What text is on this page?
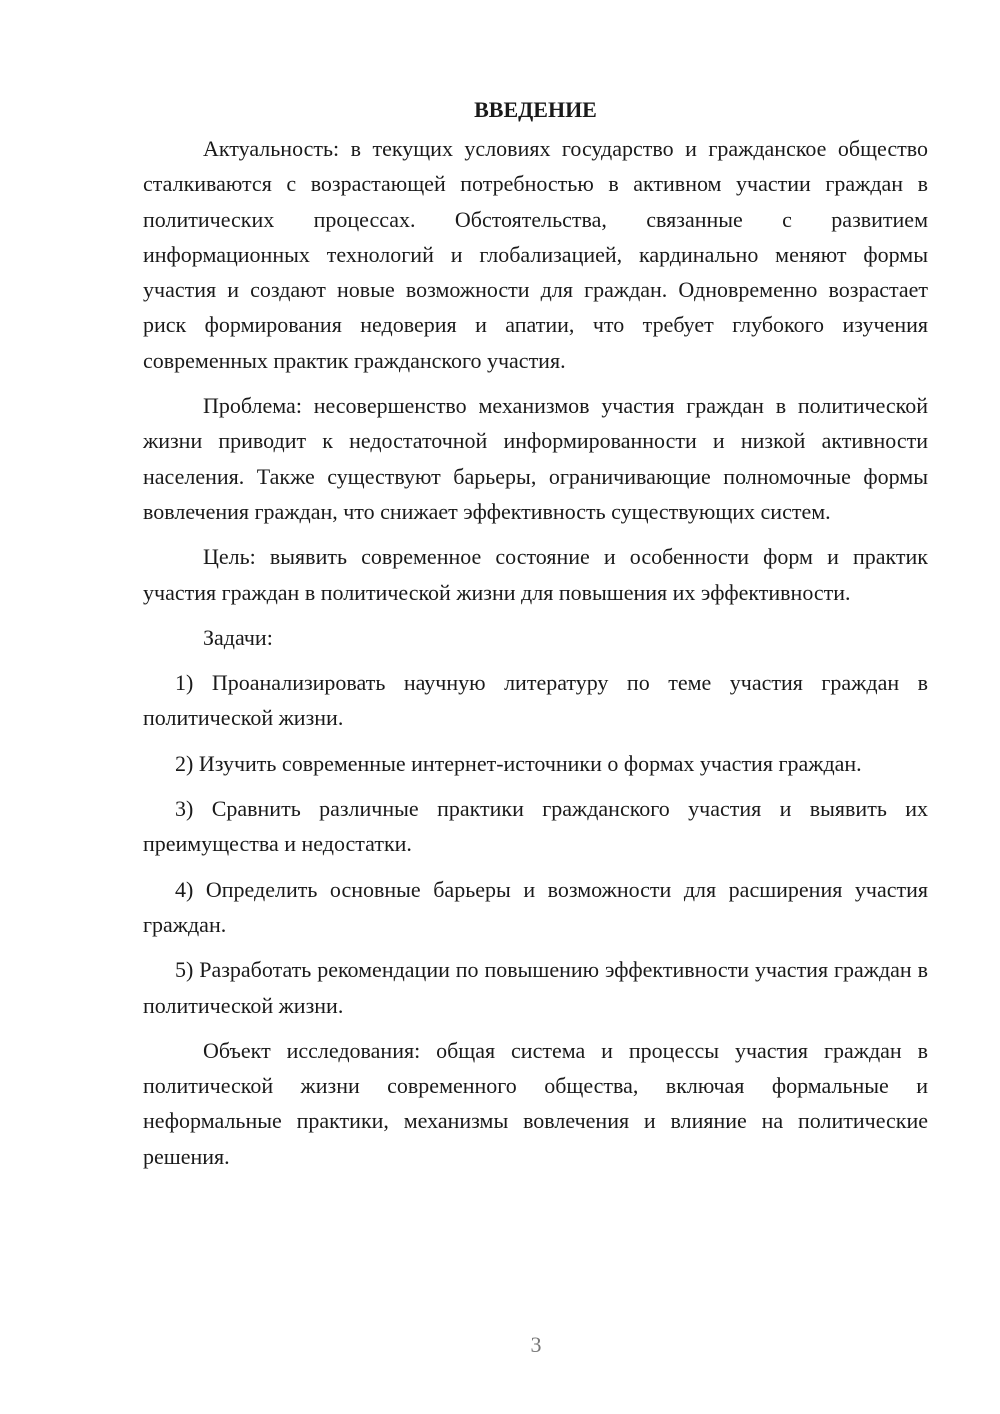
ВВЕДЕНИЕ

Актуальность: в текущих условиях государство и гражданское общество сталкиваются с возрастающей потребностью в активном участии граждан в политических процессах. Обстоятельства, связанные с развитием информационных технологий и глобализацией, кардинально меняют формы участия и создают новые возможности для граждан. Одновременно возрастает риск формирования недоверия и апатии, что требует глубокого изучения современных практик гражданского участия.

Проблема: несовершенство механизмов участия граждан в политической жизни приводит к недостаточной информированности и низкой активности населения. Также существуют барьеры, ограничивающие полномочные формы вовлечения граждан, что снижает эффективность существующих систем.

Цель: выявить современное состояние и особенности форм и практик участия граждан в политической жизни для повышения их эффективности.

Задачи:

1) Проанализировать научную литературу по теме участия граждан в политической жизни.

2) Изучить современные интернет-источники о формах участия граждан.

3) Сравнить различные практики гражданского участия и выявить их преимущества и недостатки.

4) Определить основные барьеры и возможности для расширения участия граждан.

5) Разработать рекомендации по повышению эффективности участия граждан в политической жизни.

Объект исследования: общая система и процессы участия граждан в политической жизни современного общества, включая формальные и неформальные практики, механизмы вовлечения и влияние на политические решения.

3
